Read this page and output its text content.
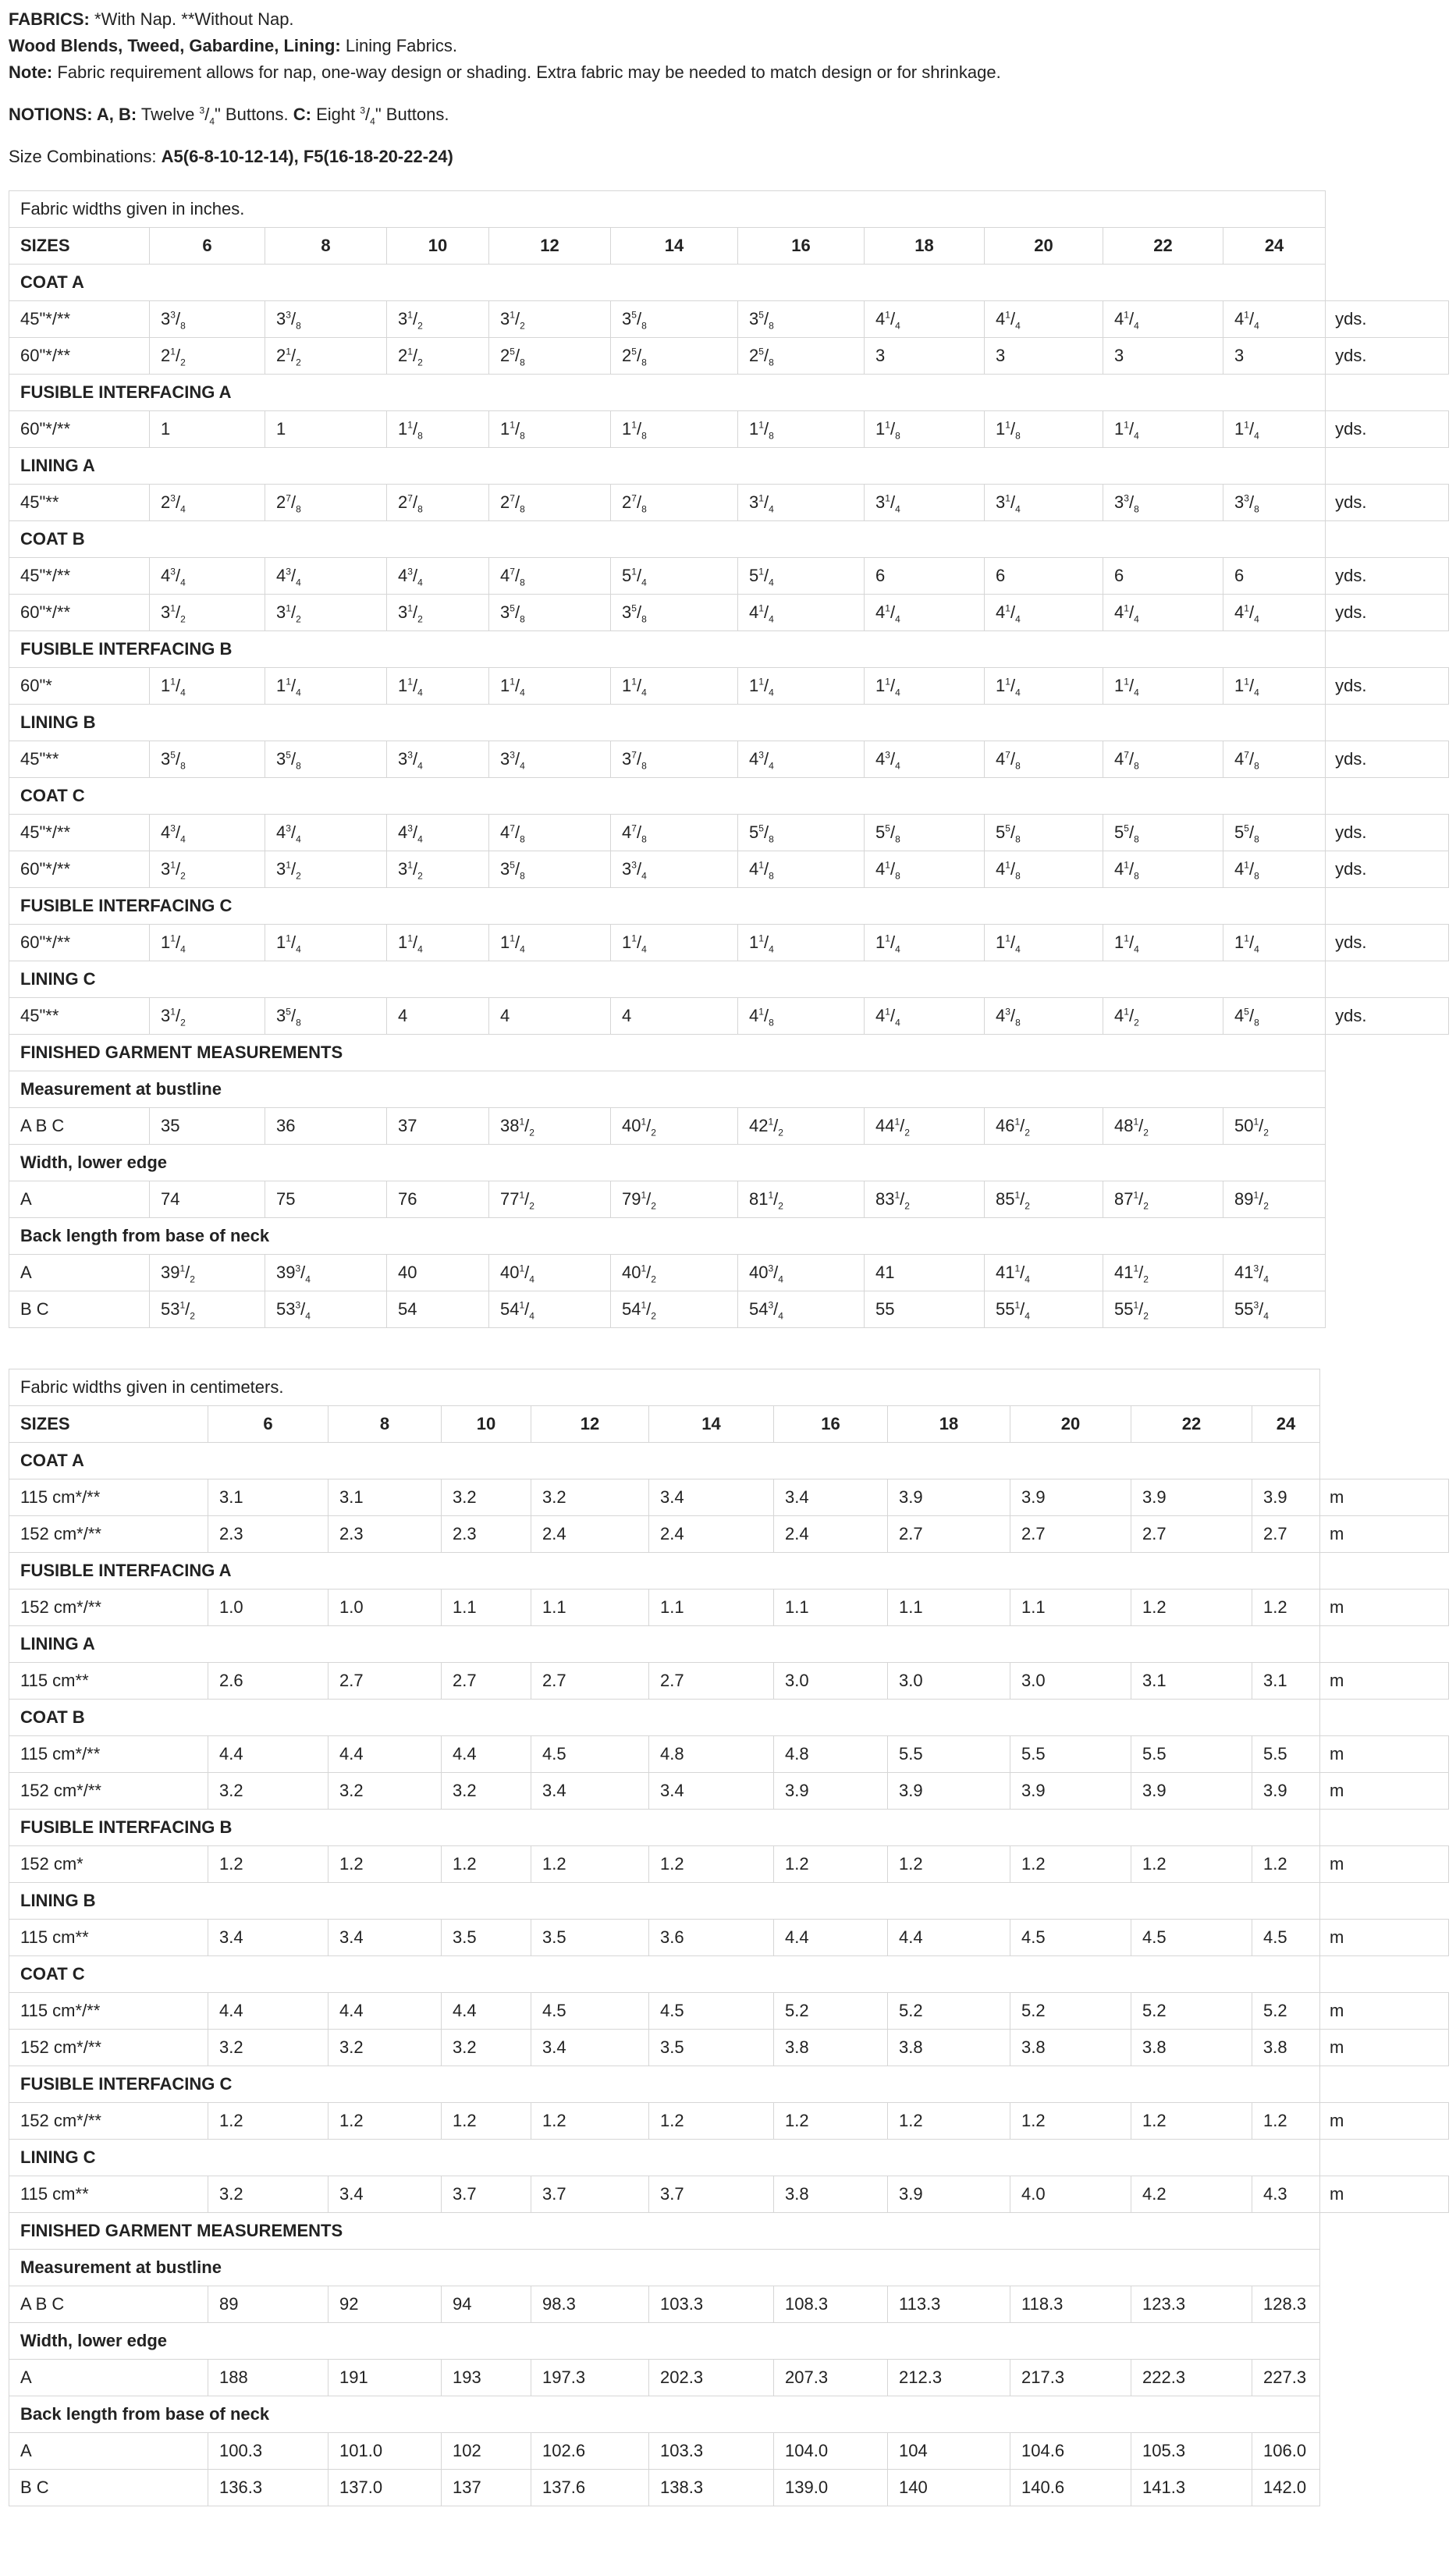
FABRICS: *With Nap. **Without Nap.

Wood Blends, Tweed, Gabardine, Lining: Lining Fabrics.

Note: Fabric requirement allows for nap, one-way design or shading. Extra fabric may be needed to match design or for shrinkage.

NOTIONS: A, B: Twelve $^3/_4$" Buttons. C: Eight $^3/_4$" Buttons.

Size Combinations: A5(6-8-10-12-14), F5(16-18-20-22-24)

Fabric widths given in inches.											
SIZES	6	8	10	12	14	16	18	20	22	24	
COAT A											
45"*/**	$3^3/_8$	$3^3/_8$	$3^1/_2$	$3^1/_2$	$3^5/_8$	$3^5/_8$	$4^1/_4$	$4^1/_4$	$4^1/_4$	$4^1/_4$	yds.
60"*/**	$2^1/_2$	$2^1/_2$	$2^1/_2$	$2^5/_8$	$2^5/_8$	$2^5/_8$	3	3	3	3	yds.
FUSIBLE INTERFACING A											
60"*/**	1	1	$1^1/_8$	$1^1/_8$	$1^1/_8$	$1^1/_8$	$1^1/_8$	$1^1/_8$	$1^1/_4$	$1^1/_4$	yds.
LINING A											
45"**	$2^3/_4$	$2^7/_8$	$2^7/_8$	$2^7/_8$	$2^7/_8$	$3^1/_4$	$3^1/_4$	$3^1/_4$	$3^3/_8$	$3^3/_8$	yds.
COAT B											
45"*/**	$4^3/_4$	$4^3/_4$	$4^3/_4$	$4^7/_8$	$5^1/_4$	$5^1/_4$	6	6	6	6	yds.
60"*/**	$3^1/_2$	$3^1/_2$	$3^1/_2$	$3^5/_8$	$3^5/_8$	$4^1/_4$	$4^1/_4$	$4^1/_4$	$4^1/_4$	$4^1/_4$	yds.
FUSIBLE INTERFACING B											
60"*	$1^1/_4$	$1^1/_4$	$1^1/_4$	$1^1/_4$	$1^1/_4$	$1^1/_4$	$1^1/_4$	$1^1/_4$	$1^1/_4$	$1^1/_4$	yds.
LINING B											
45"**	$3^5/_8$	$3^5/_8$	$3^3/_4$	$3^3/_4$	$3^7/_8$	$4^3/_4$	$4^3/_4$	$4^7/_8$	$4^7/_8$	$4^7/_8$	yds.
COAT C											
45"*/**	$4^3/_4$	$4^3/_4$	$4^3/_4$	$4^7/_8$	$4^7/_8$	$5^5/_8$	$5^5/_8$	$5^5/_8$	$5^5/_8$	$5^5/_8$	yds.
60"*/**	$3^1/_2$	$3^1/_2$	$3^1/_2$	$3^5/_8$	$3^3/_4$	$4^1/_8$	$4^1/_8$	$4^1/_8$	$4^1/_8$	$4^1/_8$	yds.
FUSIBLE INTERFACING C											
60"*/**	$1^1/_4$	$1^1/_4$	$1^1/_4$	$1^1/_4$	$1^1/_4$	$1^1/_4$	$1^1/_4$	$1^1/_4$	$1^1/_4$	$1^1/_4$	yds.
LINING C											
45"**	$3^1/_2$	$3^5/_8$	4	4	4	$4^1/_8$	$4^1/_4$	$4^3/_8$	$4^1/_2$	$4^5/_8$	yds.
FINISHED GARMENT MEASUREMENTS											
Measurement at bustline											
A B C	35	36	37	$38^1/_2$	$40^1/_2$	$42^1/_2$	$44^1/_2$	$46^1/_2$	$48^1/_2$	$50^1/_2$	
Width, lower edge											
A	74	75	76	$77^1/_2$	$79^1/_2$	$81^1/_2$	$83^1/_2$	$85^1/_2$	$87^1/_2$	$89^1/_2$	
Back length from base of neck											
A	$39^1/_2$	$39^3/_4$	40	$40^1/_4$	$40^1/_2$	$40^3/_4$	41	$41^1/_4$	$41^1/_2$	$41^3/_4$	
B C	$53^1/_2$	$53^3/_4$	54	$54^1/_4$	$54^1/_2$	$54^3/_4$	55	$55^1/_4$	$55^1/_2$	$55^3/_4$	
Fabric widths given in centimeters.											
SIZES	6	8	10	12	14	16	18	20	22	24	
COAT A											
115 cm*/**	3.1	3.1	3.2	3.2	3.4	3.4	3.9	3.9	3.9	3.9	m
152 cm*/**	2.3	2.3	2.3	2.4	2.4	2.4	2.7	2.7	2.7	2.7	m
FUSIBLE INTERFACING A											
152 cm*/**	1.0	1.0	1.1	1.1	1.1	1.1	1.1	1.1	1.2	1.2	m
LINING A											
115 cm**	2.6	2.7	2.7	2.7	2.7	3.0	3.0	3.0	3.1	3.1	m
COAT B											
115 cm*/**	4.4	4.4	4.4	4.5	4.8	4.8	5.5	5.5	5.5	5.5	m
152 cm*/**	3.2	3.2	3.2	3.4	3.4	3.9	3.9	3.9	3.9	3.9	m
FUSIBLE INTERFACING B											
152 cm*	1.2	1.2	1.2	1.2	1.2	1.2	1.2	1.2	1.2	1.2	m
LINING B											
115 cm**	3.4	3.4	3.5	3.5	3.6	4.4	4.4	4.5	4.5	4.5	m
COAT C											
115 cm*/**	4.4	4.4	4.4	4.5	4.5	5.2	5.2	5.2	5.2	5.2	m
152 cm*/**	3.2	3.2	3.2	3.4	3.5	3.8	3.8	3.8	3.8	3.8	m
FUSIBLE INTERFACING C											
152 cm*/**	1.2	1.2	1.2	1.2	1.2	1.2	1.2	1.2	1.2	1.2	m
LINING C											
115 cm**	3.2	3.4	3.7	3.7	3.7	3.8	3.9	4.0	4.2	4.3	m
FINISHED GARMENT MEASUREMENTS											
Measurement at bustline											
A B C	89	92	94	98.3	103.3	108.3	113.3	118.3	123.3	128.3	
Width, lower edge											
A	188	191	193	197.3	202.3	207.3	212.3	217.3	222.3	227.3	
Back length from base of neck											
A	100.3	101.0	102	102.6	103.3	104.0	104	104.6	105.3	106.0	
B C	136.3	137.0	137	137.6	138.3	139.0	140	140.6	141.3	142.0	
